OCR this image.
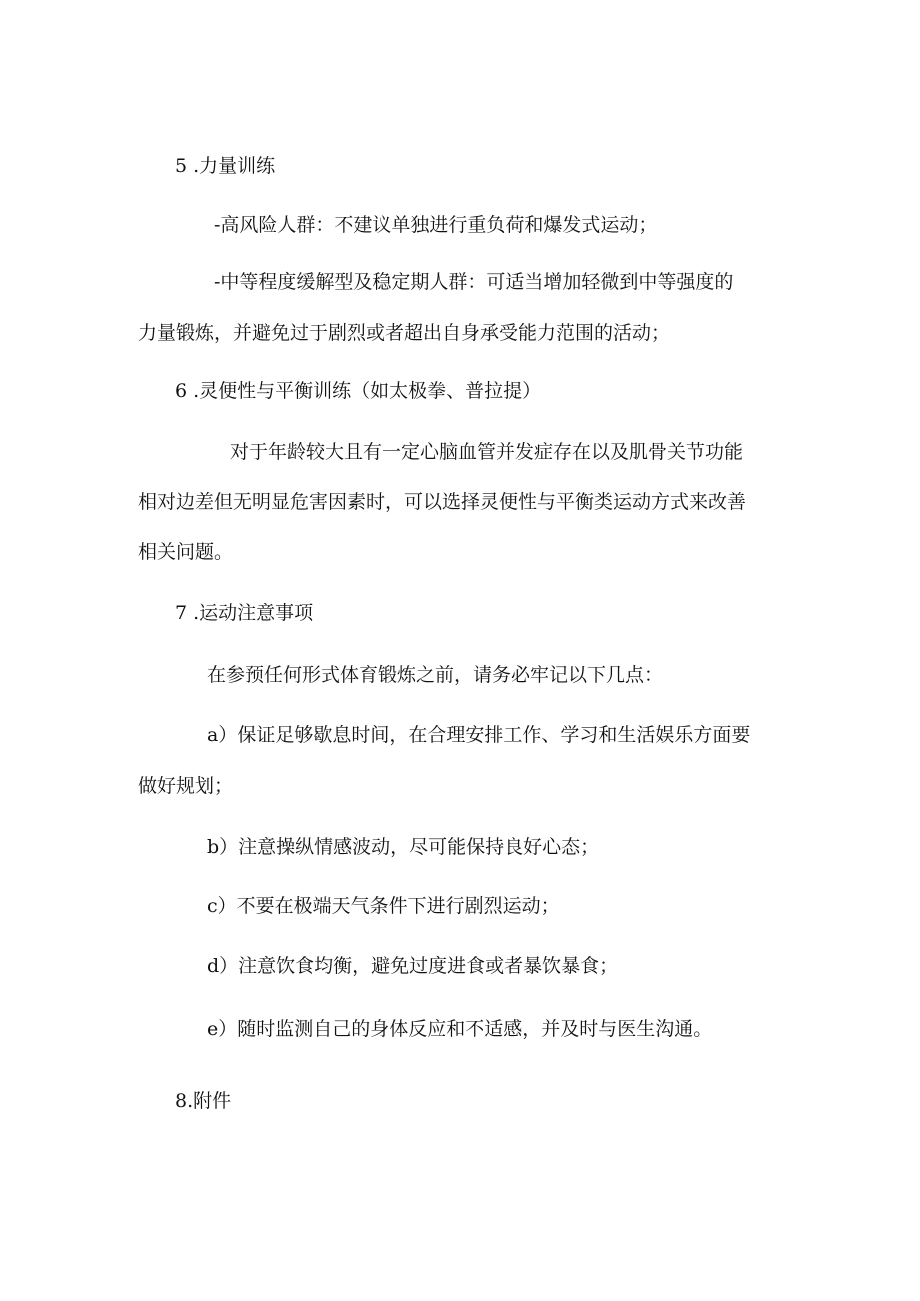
5 .力量训练
-高风险人群：不建议单独进行重负荷和爆发式运动；
-中等程度缓解型及稳定期人群：可适当增加轻微到中等强度的
力量锻炼，并避免过于剧烈或者超出自身承受能力范围的活动；
6 .灵便性与平衡训练（如太极拳、普拉提）
对于年龄较大且有一定心脑血管并发症存在以及肌骨关节功能
相对边差但无明显危害因素时，可以选择灵便性与平衡类运动方式来改善
相关问题。
7 .运动注意事项
在参预任何形式体育锻炼之前，请务必牢记以下几点：
a）保证足够歇息时间，在合理安排工作、学习和生活娱乐方面要
做好规划；
b）注意操纵情感波动，尽可能保持良好心态；
c）不要在极端天气条件下进行剧烈运动；
d）注意饮食均衡，避免过度进食或者暴饮暴食；
e）随时监测自己的身体反应和不适感，并及时与医生沟通。
8.附件
